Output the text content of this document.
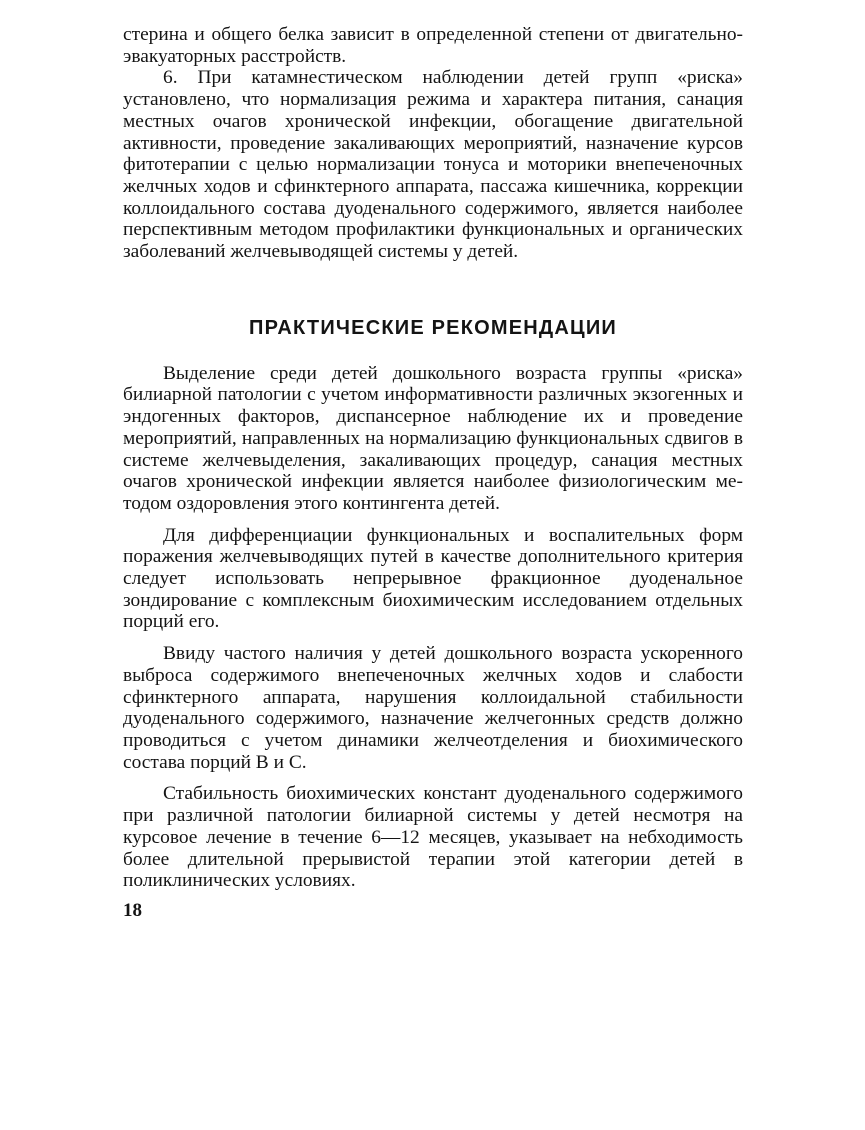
стерина и общего белка зависит в определенной степени от двигательно-эвакуаторных расстройств.

6. При катамнестическом наблюдении детей групп «риска» установлено, что нормализация режима и характера питания, санация местных очагов хронической инфекции, обогащение двигательной активности, проведение закаливающих мероприятий, назначение курсов фитотерапии с целью нормализации тонуса и моторики внепеченочных желчных ходов и сфинктерного аппарата, пассажа кишечника, коррекции коллоидального состава дуоденального содержимого, является наиболее перспективным методом профилактики функциональных и органических заболеваний желчевыводящей системы у детей.

ПРАКТИЧЕСКИЕ РЕКОМЕНДАЦИИ

Выделение среди детей дошкольного возраста группы «риска» билиарной патологии с учетом информативности различных экзогенных и эндогенных факторов, диспансерное наблюдение их и проведение мероприятий, направленных на нормализацию функциональных сдвигов в системе желчевыделения, закаливающих процедур, санация местных очагов хронической инфекции является наиболее физиологическим методом оздоровления этого контингента детей.

Для дифференциации функциональных и воспалительных форм поражения желчевыводящих путей в качестве дополнительного критерия следует использовать непрерывное фракционное дуоденальное зондирование с комплексным биохимическим исследованием отдельных порций его.

Ввиду частого наличия у детей дошкольного возраста ускоренного выброса содержимого внепеченочных желчных ходов и слабости сфинктерного аппарата, нарушения коллоидальной стабильности дуоденального содержимого, назначение желчегонных средств должно проводиться с учетом динамики желчеотделения и биохимического состава порций В и С.

Стабильность биохимических констант дуоденального содержимого при различной патологии билиарной системы у детей несмотря на курсовое лечение в течение 6—12 месяцев, указывает на небходимость более длительной прерывистой терапии этой категории детей в поликлинических условиях.

18
